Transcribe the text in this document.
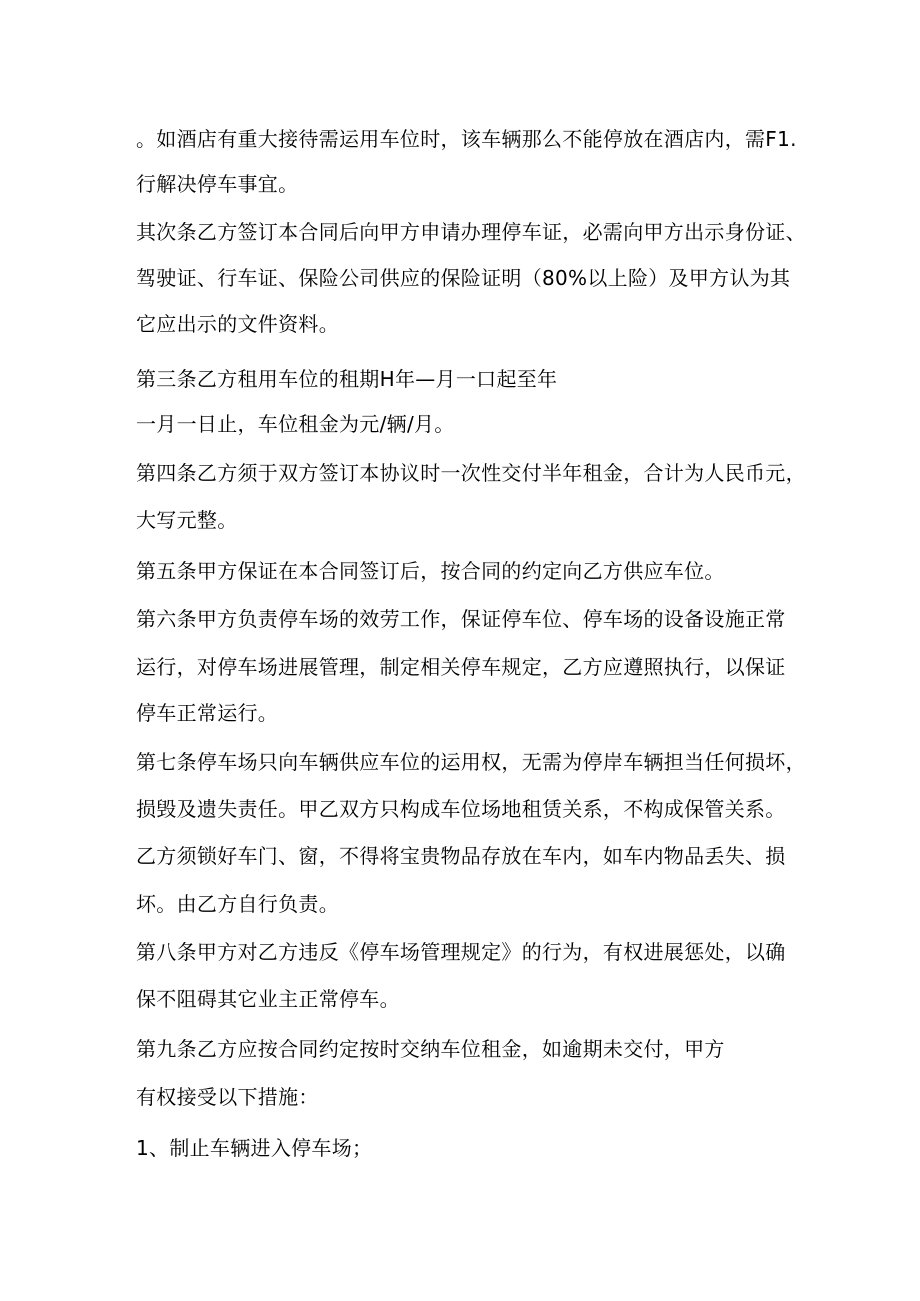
。如酒店有重大接待需运用车位时，该车辆那么不能停放在酒店内，需F1.

行解决停车事宜。

其次条乙方签订本合同后向甲方申请办理停车证，必需向甲方出示身份证、

驾驶证、行车证、保险公司供应的保险证明（80%以上险）及甲方认为其

它应出示的文件资料。

第三条乙方租用车位的租期H年—月一口起至年

一月一日止，车位租金为元/辆/月。

第四条乙方须于双方签订本协议时一次性交付半年租金，合计为人民币元，

大写元整。

第五条甲方保证在本合同签订后，按合同的约定向乙方供应车位。

第六条甲方负责停车场的效劳工作，保证停车位、停车场的设备设施正常

运行，对停车场进展管理，制定相关停车规定，乙方应遵照执行，以保证

停车正常运行。

第七条停车场只向车辆供应车位的运用权，无需为停岸车辆担当任何损坏，

损毁及遗失责任。甲乙双方只构成车位场地租赁关系，不构成保管关系。

乙方须锁好车门、窗，不得将宝贵物品存放在车内，如车内物品丢失、损

坏。由乙方自行负责。

第八条甲方对乙方违反《停车场管理规定》的行为，有权进展惩处，以确

保不阻碍其它业主正常停车。

第九条乙方应按合同约定按时交纳车位租金，如逾期未交付，甲方

有权接受以下措施：

1、制止车辆进入停车场；
